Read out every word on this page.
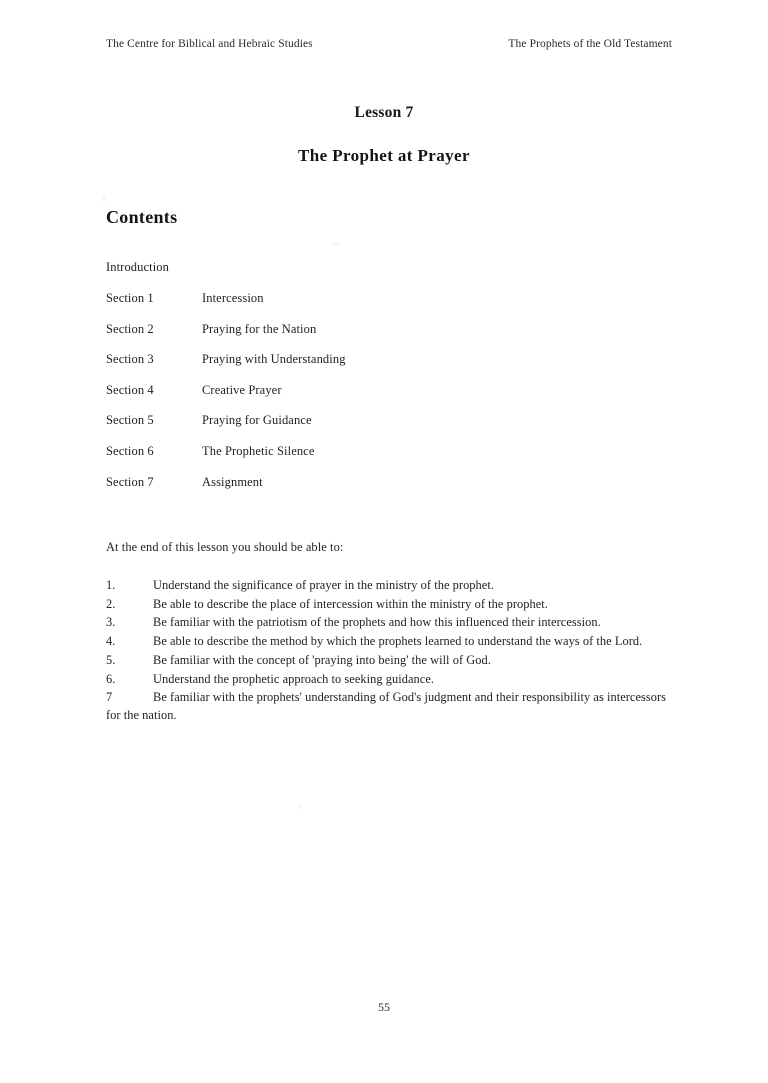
The Centre for Biblical and Hebraic Studies	The Prophets of the Old Testament
Lesson 7
The Prophet at Prayer
Contents

Introduction

Section 1	Intercession
Section 2	Praying for the Nation
Section 3	Praying with Understanding
Section 4	Creative Prayer
Section 5	Praying for Guidance
Section 6	The Prophetic Silence
Section 7	Assignment

At the end of this lesson you should be able to:

1.	Understand the significance of prayer in the ministry of the prophet.
2.	Be able to describe the place of intercession within the ministry of the prophet.
3.	Be familiar with the patriotism of the prophets and how this influenced their intercession.
4.	Be able to describe the method by which the prophets learned to understand the ways of the Lord.
5.	Be familiar with the concept of 'praying into being' the will of God.
6.	Understand the prophetic approach to seeking guidance.
7	Be familiar with the prophets' understanding of God's judgment and their responsibility as intercessors for the nation.
55
